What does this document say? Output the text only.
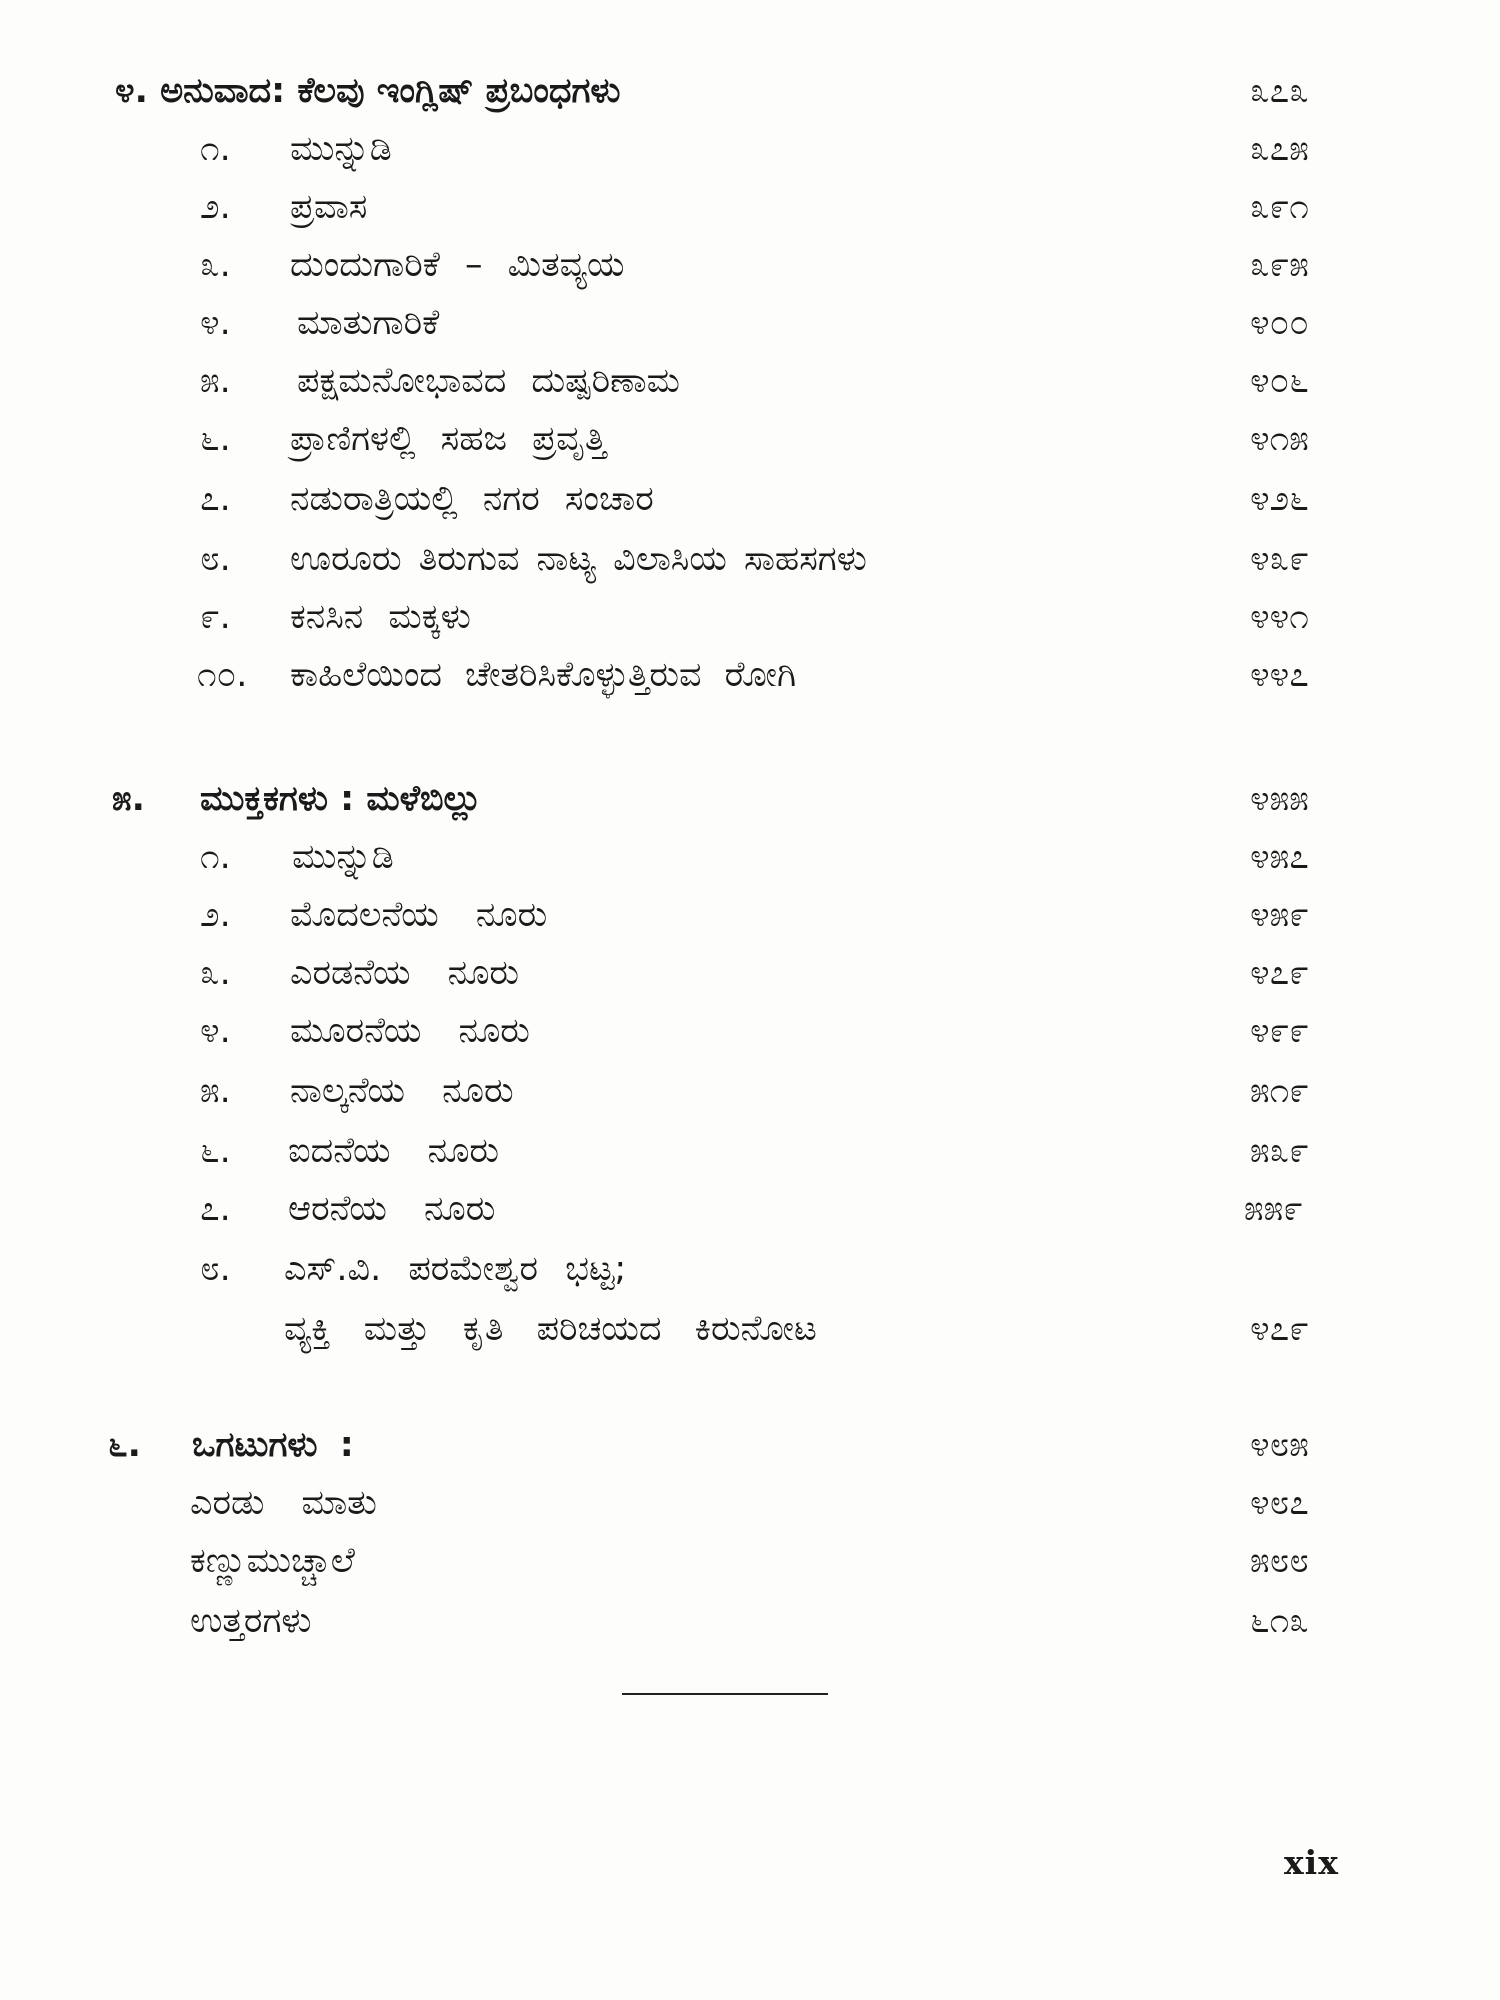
೪. ಅನುವಾದ: ಕೆಲವು ಇಂಗ್ಲಿಷ್ ಪ್ರಬಂಧಗಳು	೩೭೩
೧. ಮುನ್ನುಡಿ	೩೭೫
೨. ಪ್ರವಾಸ	೩೯೧
೩. ದುಂದುಗಾರಿಕೆ – ಮಿತವ್ಯಯ	೩೯೫
೪. ಮಾತುಗಾರಿಕೆ	೪೦೦
೫. ಪಕ್ಷಮನೋಭಾವದ ದುಷ್ಪರಿಣಾಮ	೪೦೬
೬. ಪ್ರಾಣಿಗಳಲ್ಲಿ ಸಹಜ ಪ್ರವೃತ್ತಿ	೪೧೫
೭. ನಡುರಾತ್ರಿಯಲ್ಲಿ ನಗರ ಸಂಚಾರ	೪೨೬
೮. ಊರೂರು ತಿರುಗುವ ನಾಟ್ಯ ವಿಲಾಸಿಯ ಸಾಹಸಗಳು	೪೩೯
೯. ಕನಸಿನ ಮಕ್ಕಳು	೪೪೧
೧೦. ಕಾಹಿಲೆಯಿಂದ ಚೇತರಿಸಿಕೊಳ್ಳುತ್ತಿರುವ ರೋಗಿ	೪೪೭
೫. ಮುಕ್ತಕಗಳು : ಮಳೆಬಿಲ್ಲು	೪೫೫
೧. ಮುನ್ನುಡಿ	೪೫೭
೨. ಮೊದಲನೆಯ ನೂರು	೪೫೯
೩. ಎರಡನೆಯ ನೂರು	೪೭೯
೪. ಮೂರನೆಯ ನೂರು	೪೯೯
೫. ನಾಲ್ಕನೆಯ ನೂರು	೫೧೯
೬. ಐದನೆಯ ನೂರು	೫೩೯
೭. ಆರನೆಯ ನೂರು	೫೫೯
೮. ಎಸ್.ವಿ. ಪರಮೇಶ್ವರ ಭಟ್ಟ;
ವ್ಯಕ್ತಿ ಮತ್ತು ಕೃತಿ ಪರಿಚಯದ ಕಿರುನೋಟ	೪೭೯
೬. ಒಗಟುಗಳು :	೪೮೫
ಎರಡು ಮಾತು	೪೮೭
ಕಣ್ಣುಮುಚ್ಚಾಲೆ	೫೮೮
ಉತ್ತರಗಳು	೬೧೩
xix
